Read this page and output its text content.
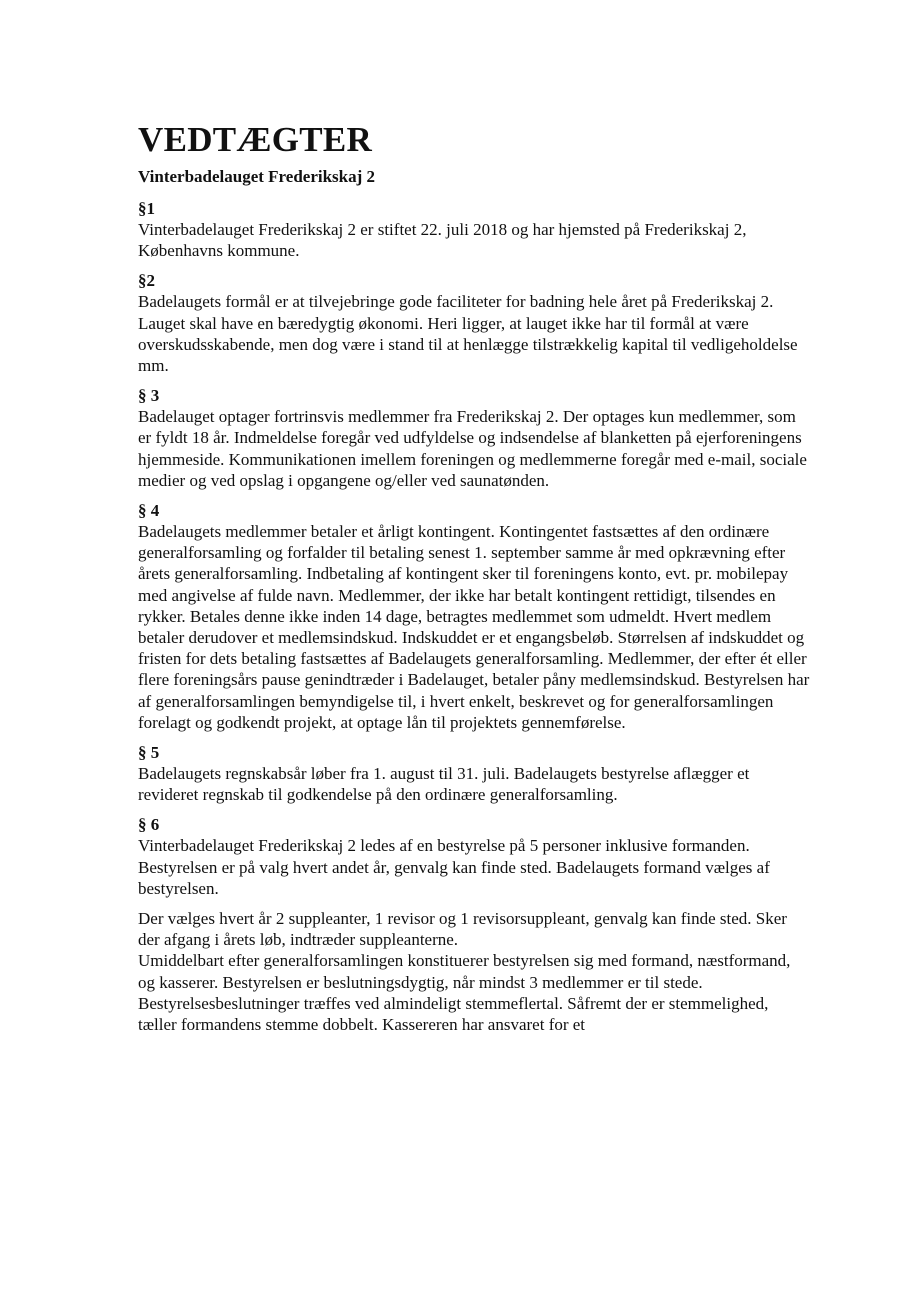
VEDTÆGTER
Vinterbadelauget Frederikskaj 2
§1

Vinterbadelauget Frederikskaj 2 er stiftet 22. juli 2018 og har hjemsted på Frederikskaj 2, Københavns kommune.

§2

Badelaugets formål er at tilvejebringe gode faciliteter for badning hele året på Frederikskaj 2. Lauget skal have en bæredygtig økonomi. Heri ligger, at lauget ikke har til formål at være overskudsskabende, men dog være i stand til at henlægge tilstrækkelig kapital til vedligeholdelse mm.

§ 3

Badelauget optager fortrinsvis medlemmer fra Frederikskaj 2. Der optages kun medlemmer, som er fyldt 18 år. Indmeldelse foregår ved udfyldelse og indsendelse af blanketten på ejerforeningens hjemmeside. Kommunikationen imellem foreningen og medlemmerne foregår med e-mail, sociale medier og ved opslag i opgangene og/eller ved saunatønden.

§ 4

Badelaugets medlemmer betaler et årligt kontingent. Kontingentet fastsættes af den ordinære generalforsamling og forfalder til betaling senest 1. september samme år med opkrævning efter årets generalforsamling. Indbetaling af kontingent sker til foreningens konto, evt. pr. mobilepay med angivelse af fulde navn. Medlemmer, der ikke har betalt kontingent rettidigt, tilsendes en rykker. Betales denne ikke inden 14 dage, betragtes medlemmet som udmeldt. Hvert medlem betaler derudover et medlemsindskud. Indskuddet er et engangsbeløb. Størrelsen af indskuddet og fristen for dets betaling fastsættes af Badelaugets generalforsamling. Medlemmer, der efter ét eller flere foreningsårs pause genindtræder i Badelauget, betaler påny medlemsindskud. Bestyrelsen har af generalforsamlingen bemyndigelse til, i hvert enkelt, beskrevet og for generalforsamlingen forelagt og godkendt projekt, at optage lån til projektets gennemførelse.

§ 5

Badelaugets regnskabsår løber fra 1. august til 31. juli. Badelaugets bestyrelse aflægger et revideret regnskab til godkendelse på den ordinære generalforsamling.

§ 6

Vinterbadelauget Frederikskaj 2 ledes af en bestyrelse på 5 personer inklusive formanden. Bestyrelsen er på valg hvert andet år, genvalg kan finde sted. Badelaugets formand vælges af bestyrelsen.

Der vælges hvert år 2 suppleanter, 1 revisor og 1 revisorsuppleant, genvalg kan finde sted. Sker der afgang i årets løb, indtræder suppleanterne.

Umiddelbart efter generalforsamlingen konstituerer bestyrelsen sig med formand, næstformand, og kasserer. Bestyrelsen er beslutningsdygtig, når mindst 3 medlemmer er til stede. Bestyrelsesbeslutninger træffes ved almindeligt stemmeflertal. Såfremt der er stemmelighed, tæller formandens stemme dobbelt. Kassereren har ansvaret for et
